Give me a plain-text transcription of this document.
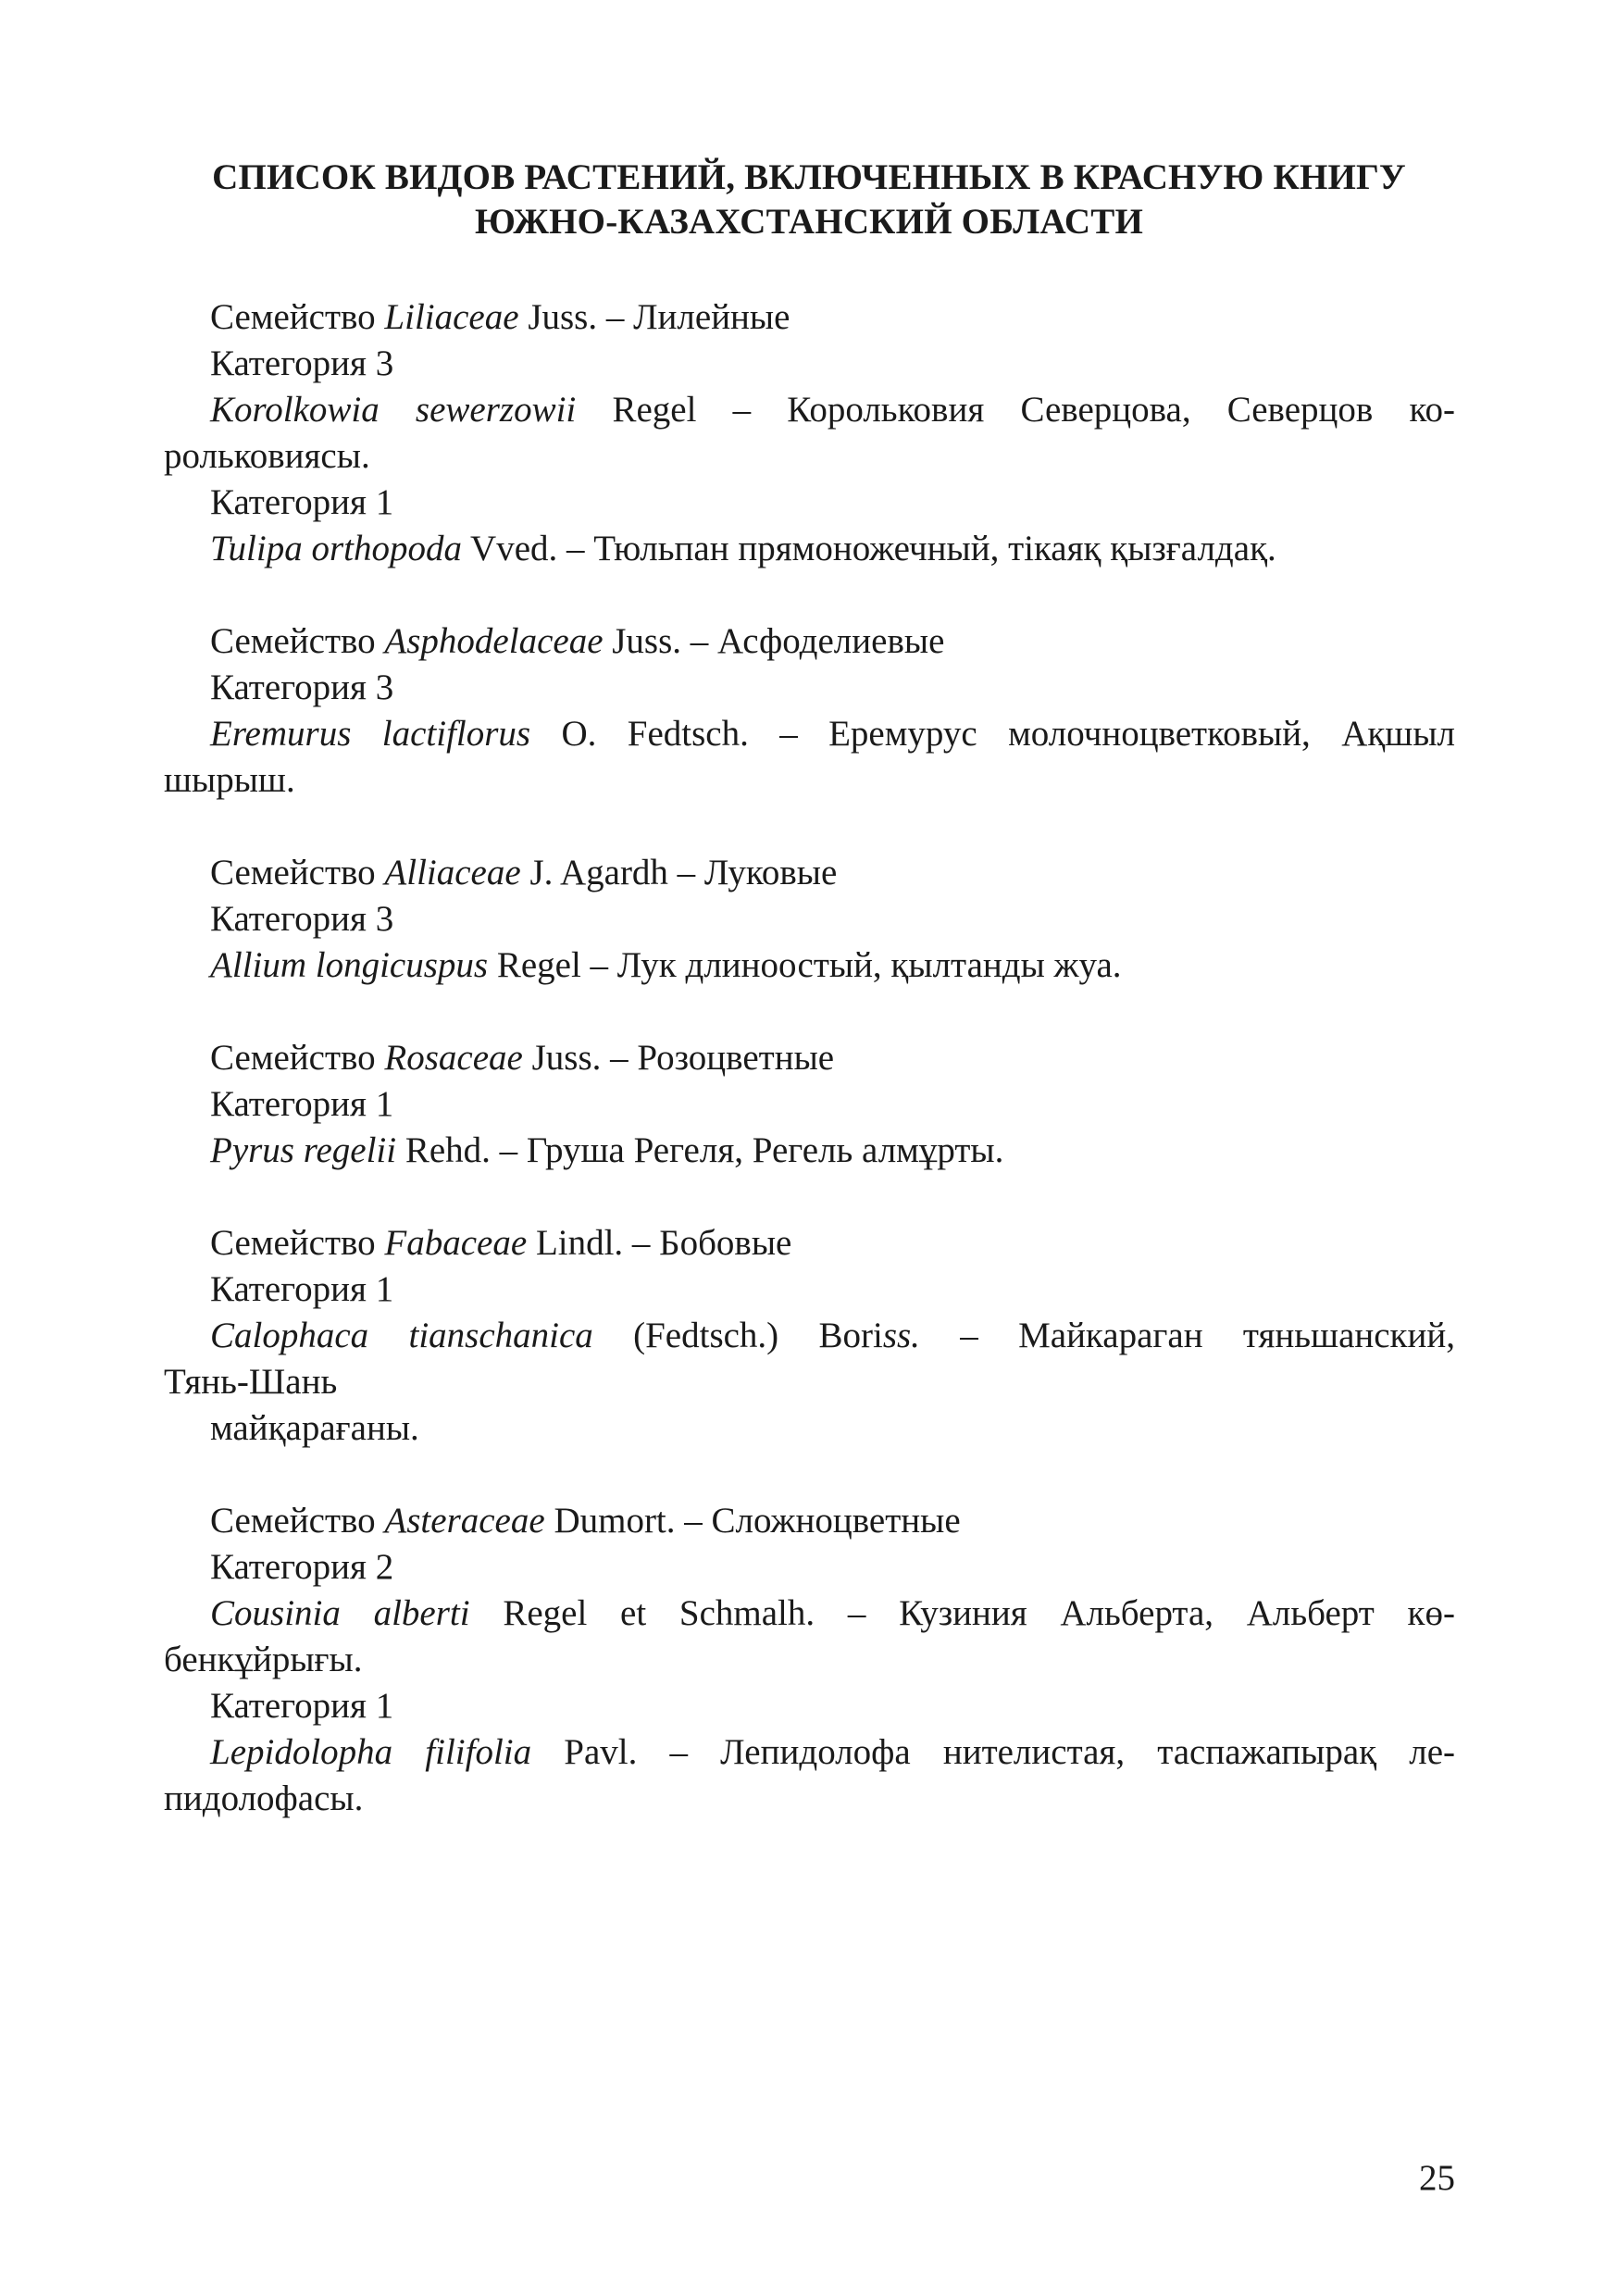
СПИСОК ВИДОВ РАСТЕНИЙ, ВКЛЮЧЕННЫХ В КРАСНУЮ КНИГУ
ЮЖНО-КАЗАХСТАНСКИЙ ОБЛАСТИ
Семейство Liliaceae Juss. – Лилейные
Категория 3
Korolkowia sewerzowii Regel – Корольковия Северцова, Северцов ко-
рольковиясы.
Категория 1
Tulipa orthopoda Vved. – Тюльпан прямоножечный, тікаяқ қызғалдақ.
Семейство Asphodelaceae Juss. – Асфоделиевые
Категория 3
Eremurus lactiflorus O. Fedtsch. – Еремурус молочноцветковый, Ақшыл
шырыш.
Семейство Alliaceae J. Agardh – Луковые
Категория 3
Allium longicuspus Regel – Лук длинoостый, қылтанды жуа.
Семейство Rosaceae Juss. – Розоцветные
Категория 1
Pyrus regelii Rehd. – Груша Регеля, Регель алмұрты.
Семейство Fabaceae Lindl. – Бобовые
Категория 1
Calophaca tianschanica (Fedtsch.) Boriss. – Майкараган тяньшанский,
Тянь-Шань
майқарағаны.
Семейство Asteraceae Dumort. – Сложноцветные
Категория 2
Cousinia alberti Regel et Schmalh. – Кузиния Альберта, Альберт кө-
бенкұйрығы.
Категория 1
Lepidolopha filifolia Pavl. – Лепидолофа нителистая, таспажапырақ ле-
пидолофасы.
25
